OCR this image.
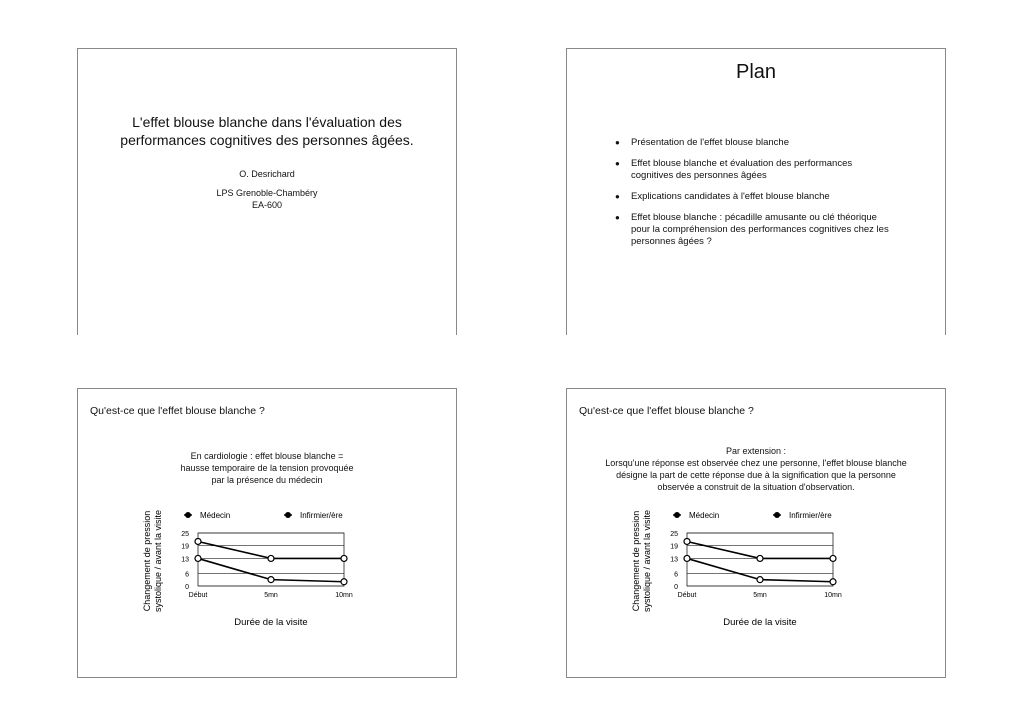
L'effet blouse blanche dans l'évaluation des
performances cognitives des personnes âgées.
O. Desrichard
LPS Grenoble-Chambéry
EA-600
Plan
● Présentation de l'effet blouse blanche
● Effet blouse blanche et évaluation des performances
cognitives des personnes âgées
● Explications candidates à l'effet blouse blanche
● Effet blouse blanche : pécadille amusante ou clé théorique
pour la compréhension des performances cognitives chez les
personnes âgées ?
Qu'est-ce que l'effet blouse blanche ?
En cardiologie : effet blouse blanche =
hausse temporaire de la tension provoquée
par la présence du médecin
25
19
13
6
0
Début	5mn	10mn
Médecin	Infirmier/ère
Changement de pression systolique / avant la visite
Durée de la visite
Qu'est-ce que l'effet blouse blanche ?
Par extension :
Lorsqu'une réponse est observée chez une personne, l'effet blouse blanche
désigne la part de cette réponse due à la signification que la personne
observée a construit de la situation d'observation.
25
19
13
6
0
Début	5mn	10mn
Médecin	Infirmier/ère
Changement de pression systolique / avant la visite
Durée de la visite
